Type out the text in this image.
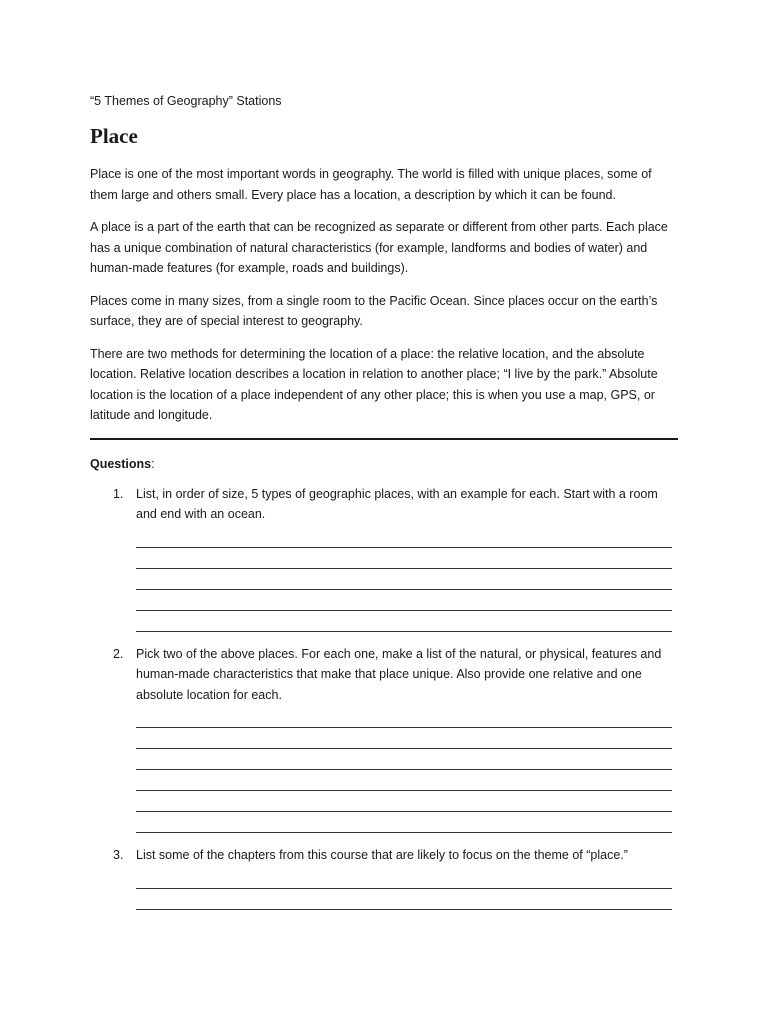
“5 Themes of Geography” Stations
Place

Place is one of the most important words in geography. The world is filled with unique places, some of them large and others small. Every place has a location, a description by which it can be found.

A place is a part of the earth that can be recognized as separate or different from other parts. Each place has a unique combination of natural characteristics (for example, landforms and bodies of water) and human-made features (for example, roads and buildings).

Places come in many sizes, from a single room to the Pacific Ocean. Since places occur on the earth’s surface, they are of special interest to geography.

There are two methods for determining the location of a place: the relative location, and the absolute location. Relative location describes a location in relation to another place; “I live by the park.” Absolute location is the location of a place independent of any other place; this is when you use a map, GPS, or latitude and longitude.

Questions:
1. List, in order of size, 5 types of geographic places, with an example for each. Start with a room and end with an ocean.
2. Pick two of the above places. For each one, make a list of the natural, or physical, features and human-made characteristics that make that place unique. Also provide one relative and one absolute location for each.
3. List some of the chapters from this course that are likely to focus on the theme of “place.”
